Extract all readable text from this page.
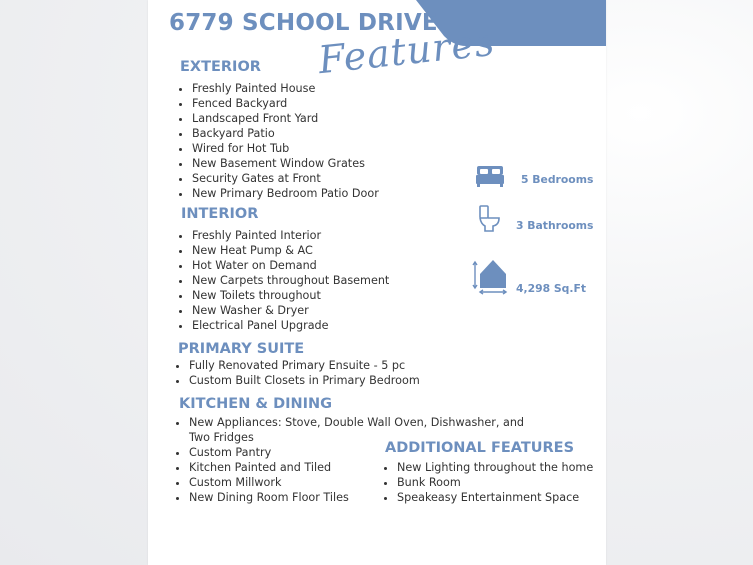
6779 SCHOOL DRIVE
Features
EXTERIOR
• Freshly Painted House
• Fenced Backyard
• Landscaped Front Yard
• Backyard Patio
• Wired for Hot Tub
• New Basement Window Grates
• Security Gates at Front
• New Primary Bedroom Patio Door
INTERIOR
• Freshly Painted Interior
• New Heat Pump & AC
• Hot Water on Demand
• New Carpets throughout Basement
• New Toilets throughout
• New Washer & Dryer
• Electrical Panel Upgrade
PRIMARY SUITE
• Fully Renovated Primary Ensuite - 5 pc
• Custom Built Closets in Primary Bedroom
KITCHEN & DINING
• New Appliances: Stove, Double Wall Oven, Dishwasher, and Two Fridges
• Custom Pantry
• Kitchen Painted and Tiled
• Custom Millwork
• New Dining Room Floor Tiles
ADDITIONAL FEATURES
• New Lighting throughout the home
• Bunk Room
• Speakeasy Entertainment Space
5 Bedrooms
3 Bathrooms
4,298 Sq.Ft
